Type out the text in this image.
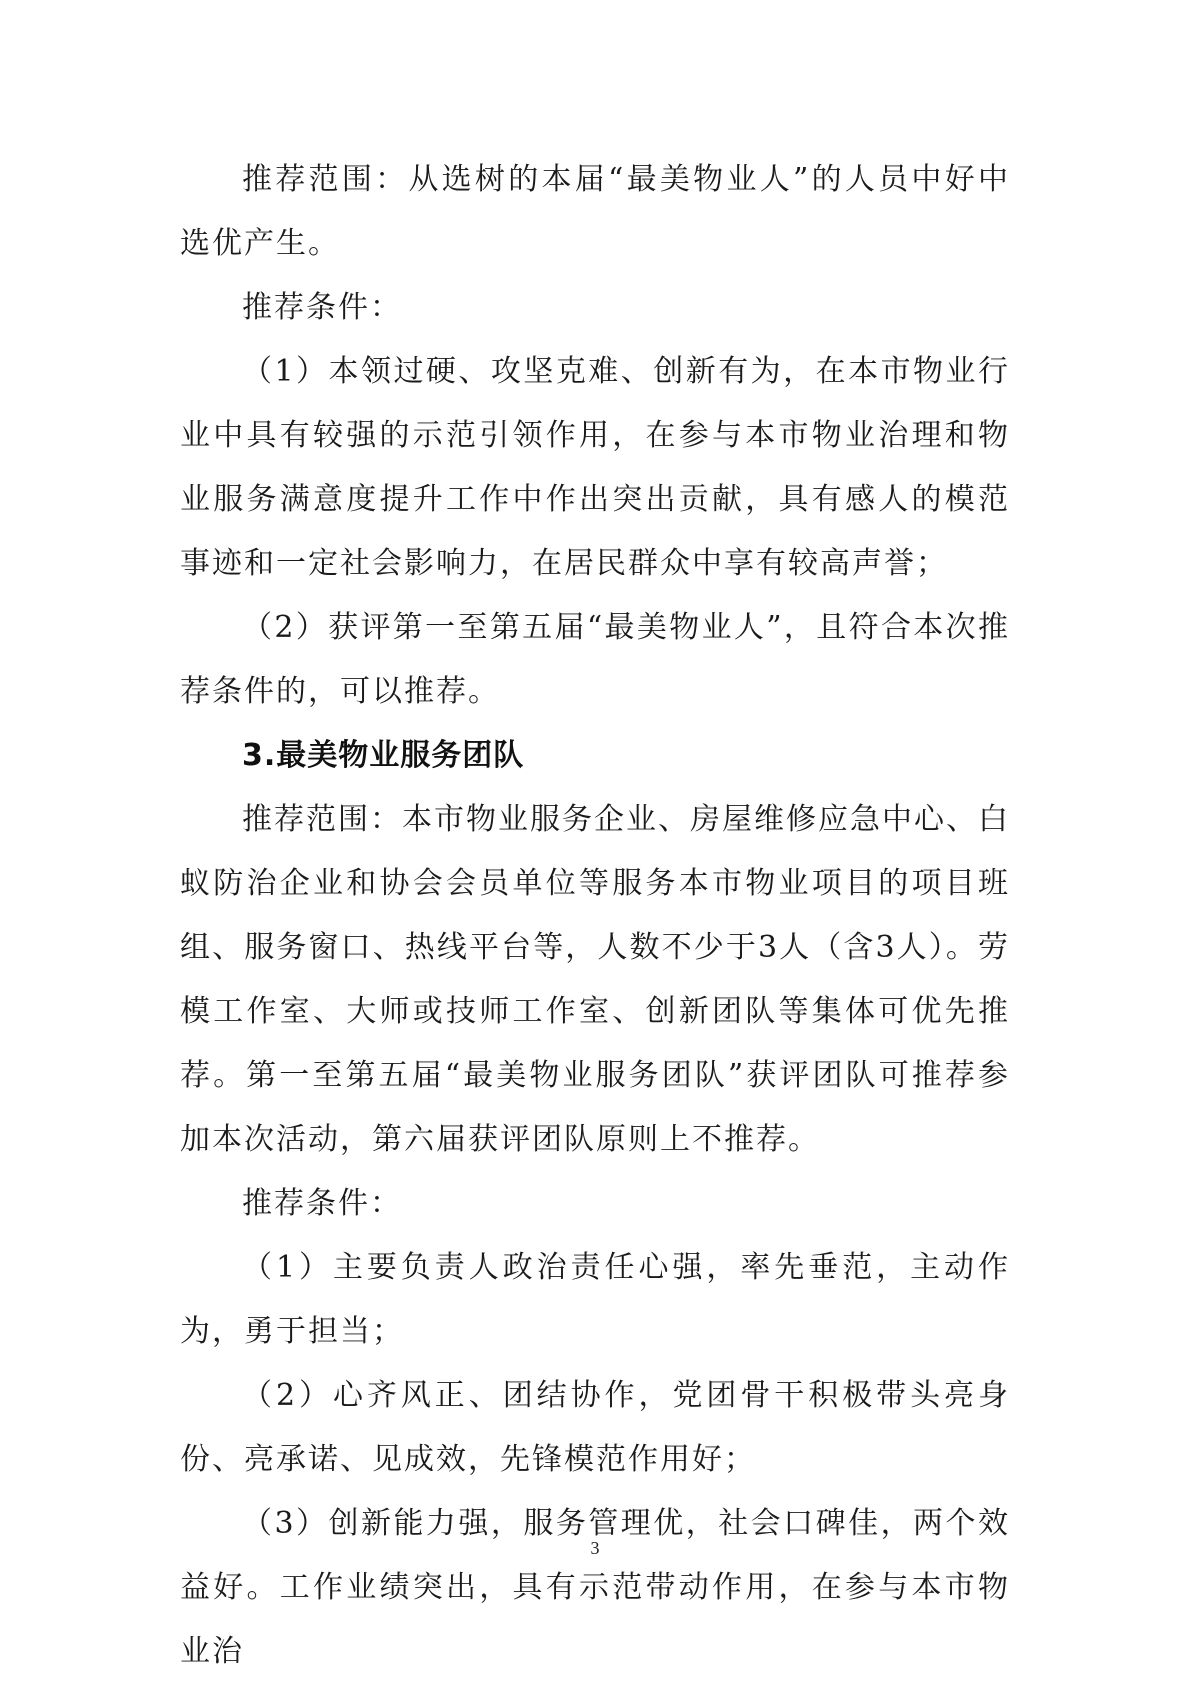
推荐范围：从选树的本届“最美物业人”的人员中好中选优产生。

推荐条件：

（1）本领过硬、攻坚克难、创新有为，在本市物业行业中具有较强的示范引领作用，在参与本市物业治理和物业服务满意度提升工作中作出突出贡献，具有感人的模范事迹和一定社会影响力，在居民群众中享有较高声誉；

（2）获评第一至第五届“最美物业人”，且符合本次推荐条件的，可以推荐。

3.最美物业服务团队

推荐范围：本市物业服务企业、房屋维修应急中心、白蚁防治企业和协会会员单位等服务本市物业项目的项目班组、服务窗口、热线平台等，人数不少于3人（含3人）。劳模工作室、大师或技师工作室、创新团队等集体可优先推荐。第一至第五届“最美物业服务团队”获评团队可推荐参加本次活动，第六届获评团队原则上不推荐。

推荐条件：

（1）主要负责人政治责任心强，率先垂范，主动作为，勇于担当；

（2）心齐风正、团结协作，党团骨干积极带头亮身份、亮承诺、见成效，先锋模范作用好；

（3）创新能力强，服务管理优，社会口碑佳，两个效益好。工作业绩突出，具有示范带动作用，在参与本市物业治

3
